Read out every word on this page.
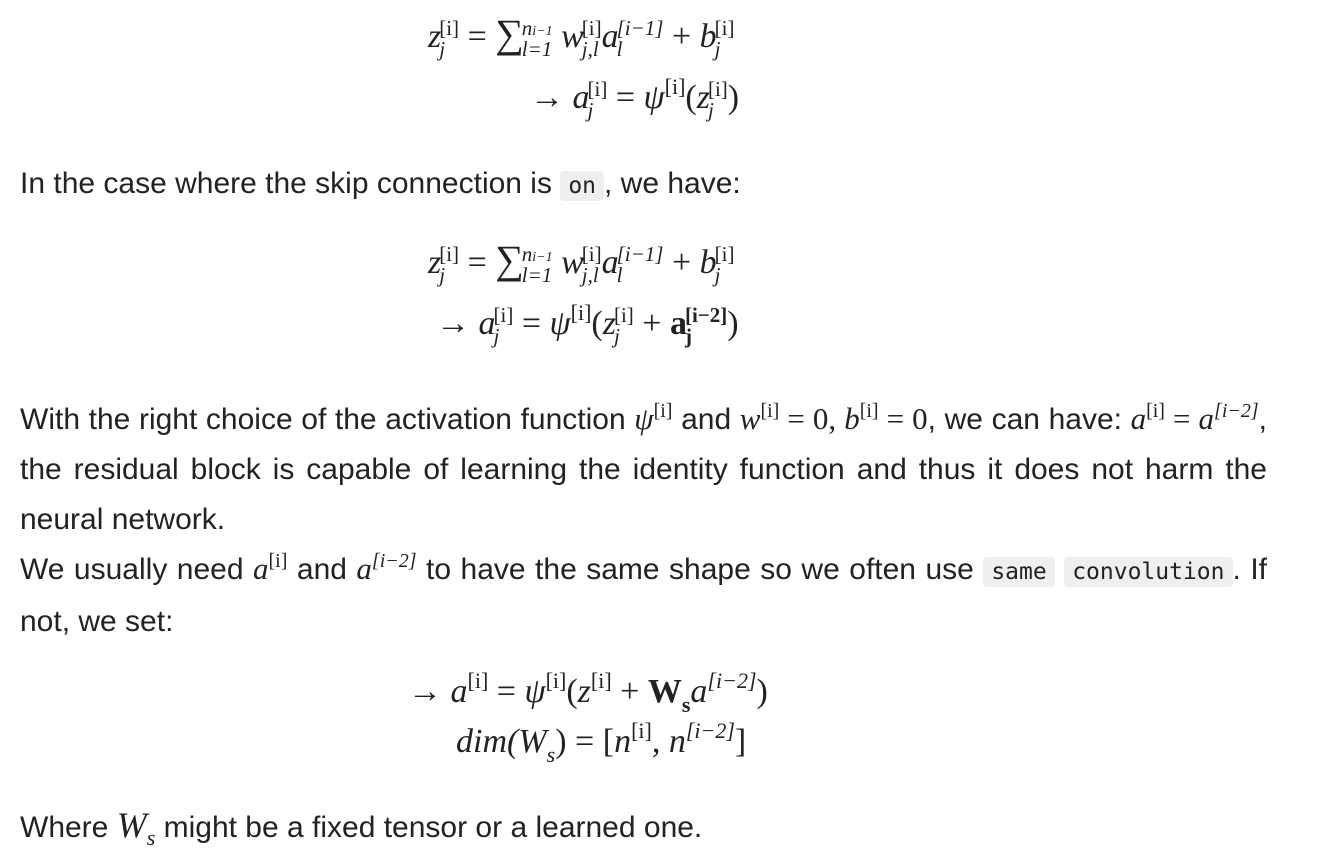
z
[i]
j = ∑
ni−1
l=1 w
[i]
j,l a
[i−1]
l	+ b
[i]
j
→ a
[i]
j = ψ[i](z
[i]
j )
In the case where the skip connection is on , we have:
z
[i]
j = ∑
ni−1
l=1 w
[i]
j,l a
[i−1]
l	+ b
[i]
j
→ a
[i]
j = ψ[i](z
[i]
j + a
[i−2]
j	)
With the right choice of the activation function ψ[i] and w[i] = 0, b[i] = 0, we can have: a[i] = a[i−2], the residual block is capable of learning the identity function and thus it does not harm the neural network.
We usually need a[i] and a[i−2] to have the same shape so we often use same convolution . If not, we set:
→ $a[i] = \psi[i](z[i] + W_sa[i-2])$
$dim(W_s) = [n[i]$, n[i−2]]
Where $W_s$ might be a fixed tensor or a learned one.
